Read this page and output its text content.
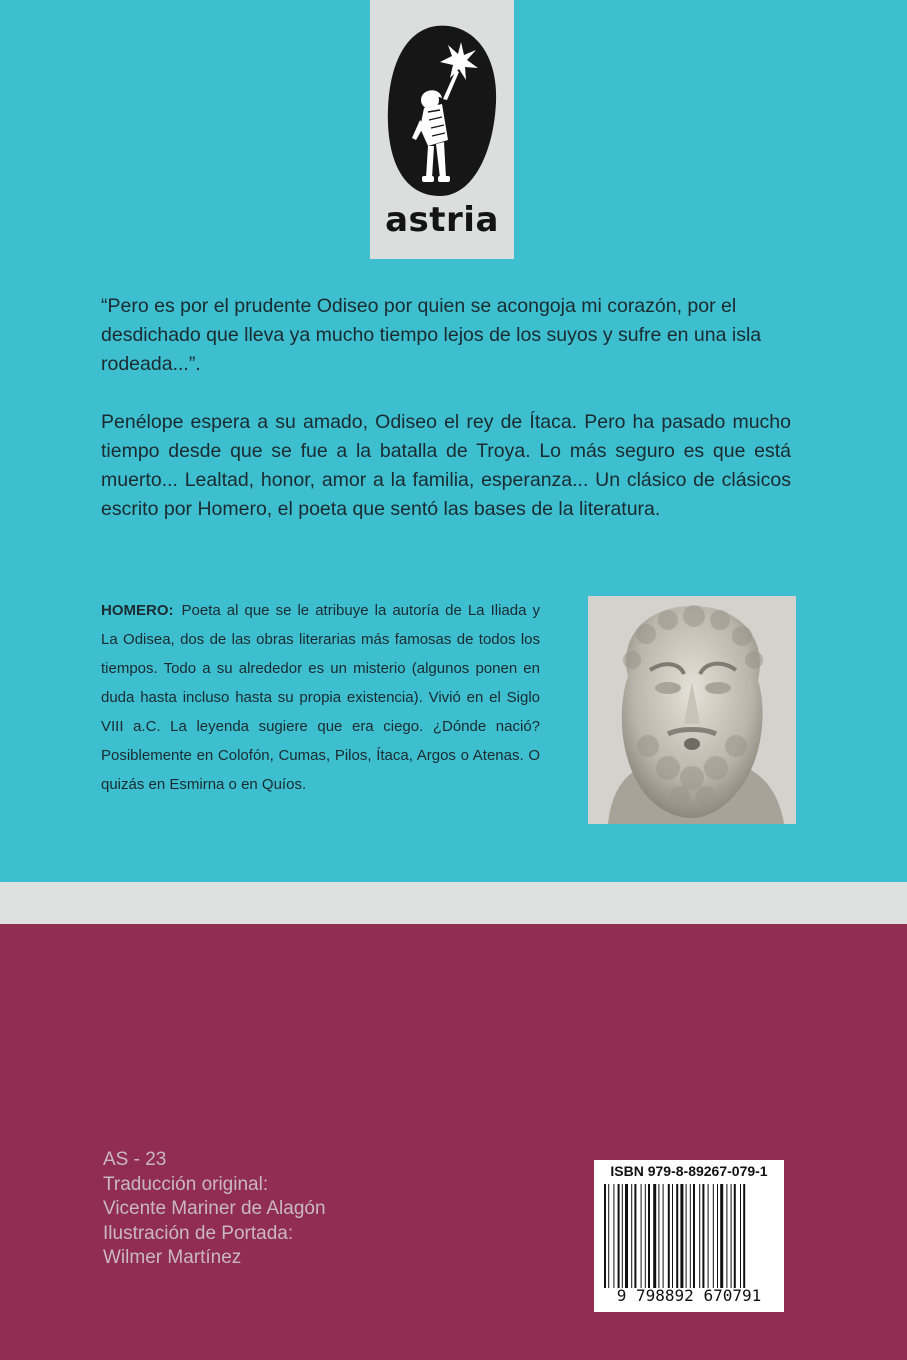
astria
“Pero es por el prudente Odiseo por quien se acongoja mi corazón, por el desdichado que lleva ya mucho tiempo lejos de los suyos y sufre en una isla rodeada...”.
Penélope espera a su amado, Odiseo el rey de Ítaca. Pero ha pasado mucho tiempo desde que se fue a la batalla de Troya. Lo más seguro es que está muerto... Lealtad, honor, amor a la familia, esperanza... Un clásico de clásicos escrito por Homero, el poeta que sentó las bases de la literatura.
HOMERO: Poeta al que se le atribuye la autoría de La Iliada y La Odisea, dos de las obras literarias más famosas de todos los tiempos. Todo a su alrededor es un misterio (algunos ponen en duda hasta incluso hasta su propia existencia). Vivió en el Siglo VIII a.C. La leyenda sugiere que era ciego. ¿Dónde nació? Posiblemente en Colofón, Cumas, Pilos, Ítaca, Argos o Atenas. O quizás en Esmirna o en Quíos.
AS - 23
Traducción original:
Vicente Mariner de Alagón
Ilustración de Portada:
Wilmer Martínez
ISBN 979-8-89267-079-1
9 798892 670791
